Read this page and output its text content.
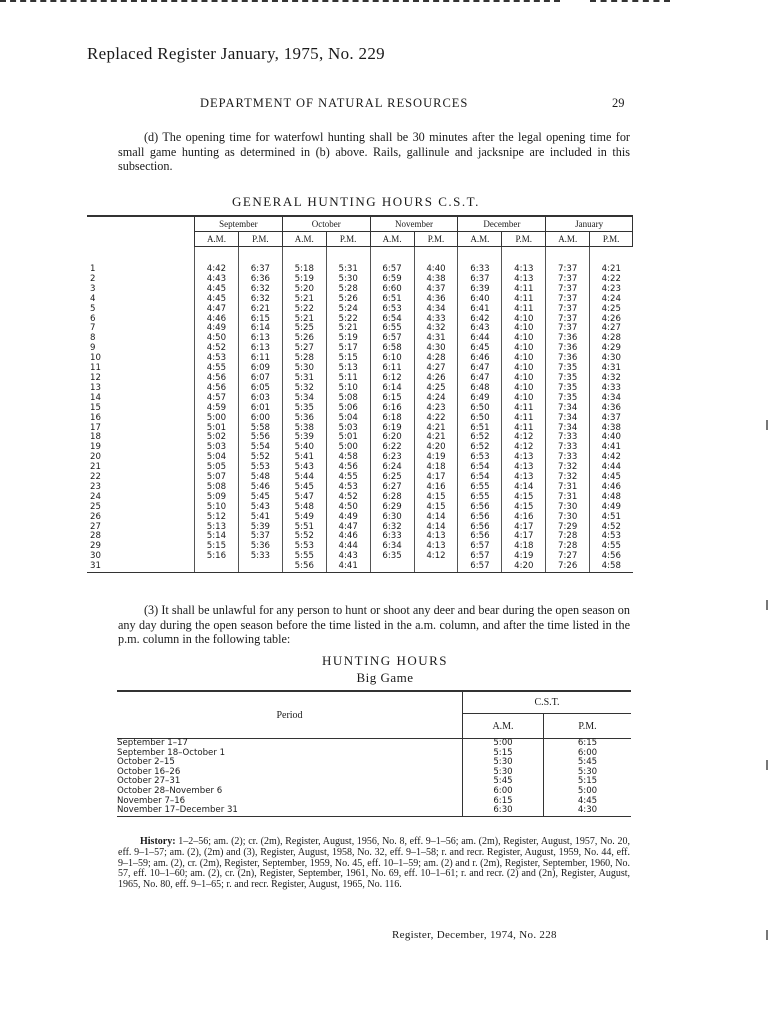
Replaced Register January, 1975, No. 229
DEPARTMENT OF NATURAL RESOURCES	29
(d) The opening time for waterfowl hunting shall be 30 minutes after the legal opening time for small game hunting as determined in (b) above. Rails, gallinule and jacksnipe are included in this subsection.
GENERAL HUNTING HOURS C.S.T.
	September		October		November		December		January	
	A.M.	P.M.	A.M.	P.M.	A.M.	P.M.	A.M.	P.M.	A.M.	P.M.

1	4:42	6:37	5:18	5:31	6:57	4:40	6:33	4:13	7:37	4:21
2	4:43	6:36	5:19	5:30	6:59	4:38	6:37	4:13	7:37	4:22
3	4:45	6:32	5:20	5:28	6:60	4:37	6:39	4:11	7:37	4:23
4	4:45	6:32	5:21	5:26	6:51	4:36	6:40	4:11	7:37	4:24
5	4:47	6:21	5:22	5:24	6:53	4:34	6:41	4:11	7:37	4:25
6	4:46	6:15	5:21	5:22	6:54	4:33	6:42	4:10	7:37	4:26
7	4:49	6:14	5:25	5:21	6:55	4:32	6:43	4:10	7:37	4:27
8	4:50	6:13	5:26	5:19	6:57	4:31	6:44	4:10	7:36	4:28
9	4:52	6:13	5:27	5:17	6:58	4:30	6:45	4:10	7:36	4:29
10	4:53	6:11	5:28	5:15	6:10	4:28	6:46	4:10	7:36	4:30
11	4:55	6:09	5:30	5:13	6:11	4:27	6:47	4:10	7:35	4:31
12	4:56	6:07	5:31	5:11	6:12	4:26	6:47	4:10	7:35	4:32
13	4:56	6:05	5:32	5:10	6:14	4:25	6:48	4:10	7:35	4:33
14	4:57	6:03	5:34	5:08	6:15	4:24	6:49	4:10	7:35	4:34
15	4:59	6:01	5:35	5:06	6:16	4:23	6:50	4:11	7:34	4:36
16	5:00	6:00	5:36	5:04	6:18	4:22	6:50	4:11	7:34	4:37
17	5:01	5:58	5:38	5:03	6:19	4:21	6:51	4:11	7:34	4:38
18	5:02	5:56	5:39	5:01	6:20	4:21	6:52	4:12	7:33	4:40
19	5:03	5:54	5:40	5:00	6:22	4:20	6:52	4:12	7:33	4:41
20	5:04	5:52	5:41	4:58	6:23	4:19	6:53	4:13	7:33	4:42
21	5:05	5:53	5:43	4:56	6:24	4:18	6:54	4:13	7:32	4:44
22	5:07	5:48	5:44	4:55	6:25	4:17	6:54	4:13	7:32	4:45
23	5:08	5:46	5:45	4:53	6:27	4:16	6:55	4:14	7:31	4:46
24	5:09	5:45	5:47	4:52	6:28	4:15	6:55	4:15	7:31	4:48
25	5:10	5:43	5:48	4:50	6:29	4:15	6:56	4:15	7:30	4:49
26	5:12	5:41	5:49	4:49	6:30	4:14	6:56	4:16	7:30	4:51
27	5:13	5:39	5:51	4:47	6:32	4:14	6:56	4:17	7:29	4:52
28	5:14	5:37	5:52	4:46	6:33	4:13	6:56	4:17	7:28	4:53
29	5:15	5:36	5:53	4:44	6:34	4:13	6:57	4:18	7:28	4:55
30	5:16	5:33	5:55	4:43	6:35	4:12	6:57	4:19	7:27	4:56
31			5:56	4:41			6:57	4:20	7:26	4:58
(3) It shall be unlawful for any person to hunt or shoot any deer and bear during the open season on any day during the open season before the time listed in the a.m. column, and after the time listed in the p.m. column in the following table:
HUNTING HOURS
Big Game
Period	C.S.T.	
	A.M.	P.M.
September 1–17	5:00	6:15
September 18–October 1	5:15	6:00
October 2–15	5:30	5:45
October 16–26	5:30	5:30
October 27–31	5:45	5:15
October 28–November 6	6:00	5:00
November 7–16	6:15	4:45
November 17–December 31	6:30	4:30
History: 1–2–56; am. (2); cr. (2m), Register, August, 1956, No. 8, eff. 9–1–56; am. (2m), Register, August, 1957, No. 20, eff. 9–1–57; am. (2), (2m) and (3), Register, August, 1958, No. 32, eff. 9–1–58; r. and recr. Register, August, 1959, No. 44, eff. 9–1–59; am. (2), cr. (2m), Register, September, 1959, No. 45, eff. 10–1–59; am. (2) and r. (2m), Register, September, 1960, No. 57, eff. 10–1–60; am. (2), cr. (2n), Register, September, 1961, No. 69, eff. 10–1–61; r. and recr. (2) and (2n), Register, August, 1965, No. 80, eff. 9–1–65; r. and recr. Register, August, 1965, No. 116.
Register, December, 1974, No. 228
